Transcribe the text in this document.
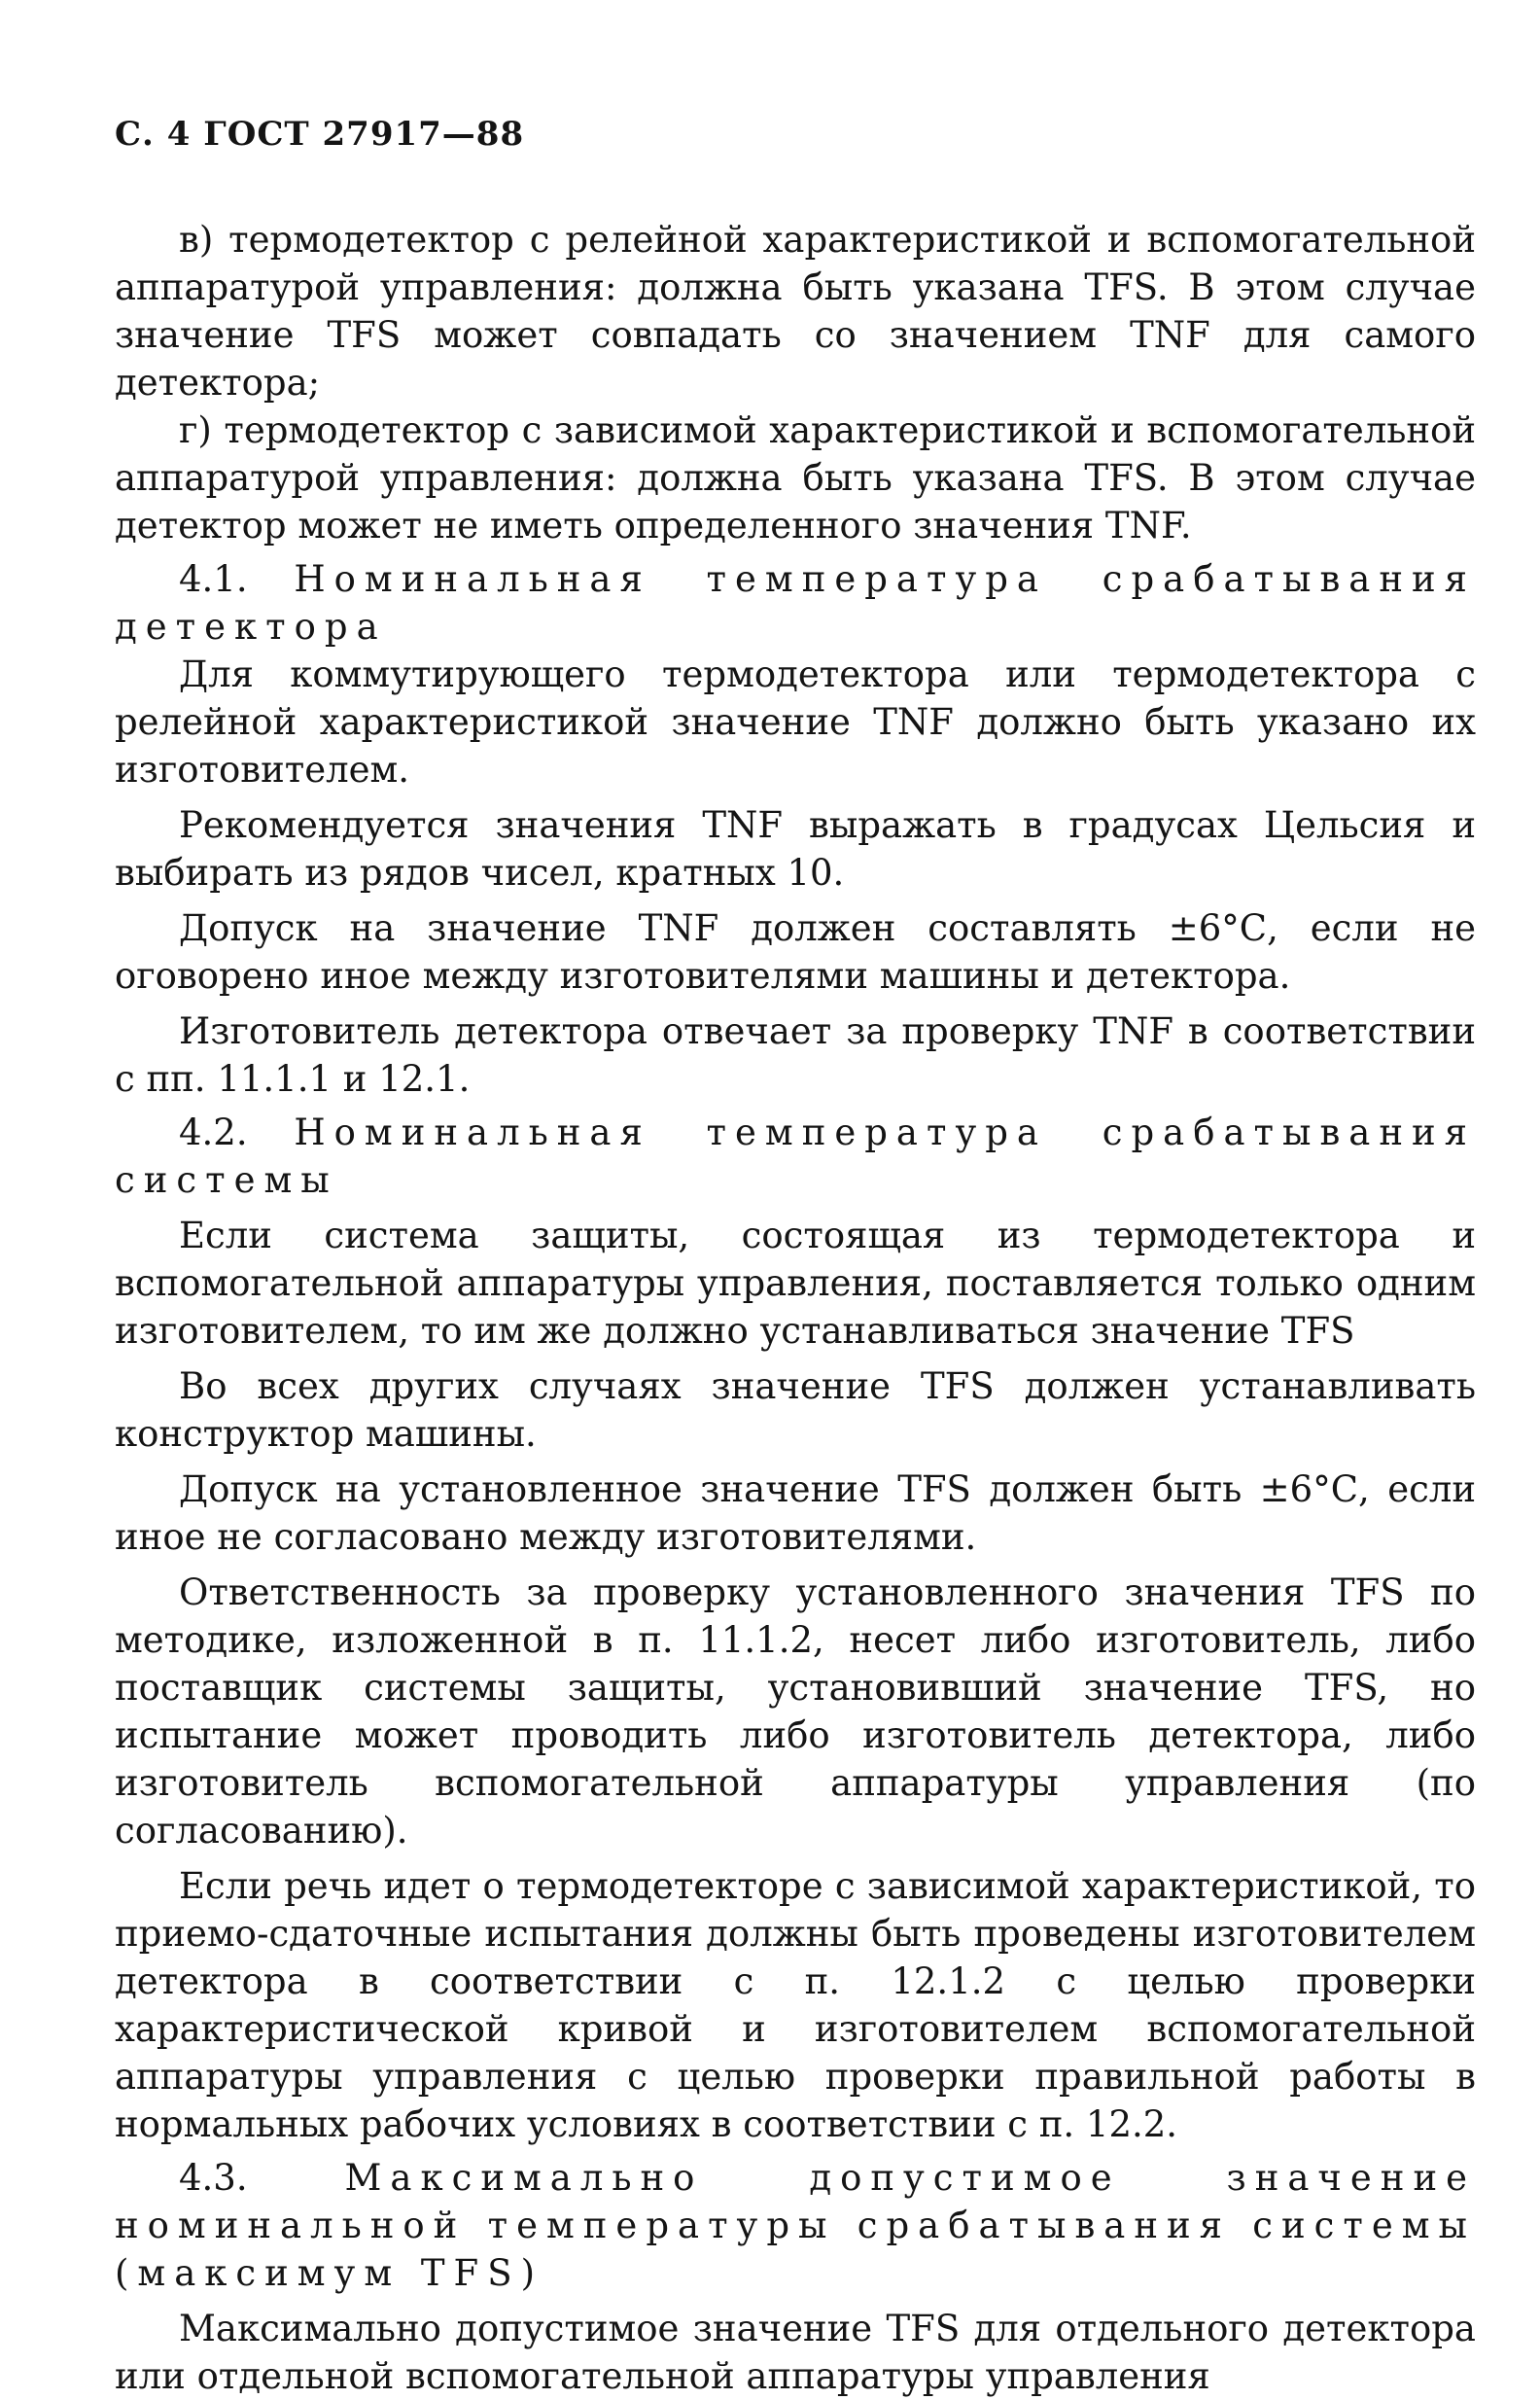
С. 4 ГОСТ 27917—88

в) термодетектор с релейной характеристикой и вспомогательной аппаратурой управления: должна быть указана TFS. В этом случае значение TFS может совпадать со значением TNF для самого детектора;

г) термодетектор с зависимой характеристикой и вспомогательной аппаратурой управления: должна быть указана TFS. В этом случае детектор может не иметь определенного значения TNF.

4.1. Номинальная температура срабатывания детектора

Для коммутирующего термодетектора или термодетектора с релейной характеристикой значение TNF должно быть указано их изготовителем.

Рекомендуется значения TNF выражать в градусах Цельсия и выбирать из рядов чисел, кратных 10.

Допуск на значение TNF должен составлять ±6°С, если не оговорено иное между изготовителями машины и детектора.

Изготовитель детектора отвечает за проверку TNF в соответствии с пп. 11.1.1 и 12.1.

4.2. Номинальная температура срабатывания системы

Если система защиты, состоящая из термодетектора и вспомогательной аппаратуры управления, поставляется только одним изготовителем, то им же должно устанавливаться значение TFS

Во всех других случаях значение TFS должен устанавливать конструктор машины.

Допуск на установленное значение TFS должен быть ±6°С, если иное не согласовано между изготовителями.

Ответственность за проверку установленного значения TFS по методике, изложенной в п. 11.1.2, несет либо изготовитель, либо поставщик системы защиты, установивший значение TFS, но испытание может проводить либо изготовитель детектора, либо изготовитель вспомогательной аппаратуры управления (по согласованию).

Если речь идет о термодетекторе с зависимой характеристикой, то приемо-сдаточные испытания должны быть проведены изготовителем детектора в соответствии с п. 12.1.2 с целью проверки характеристической кривой и изготовителем вспомогательной аппаратуры управления с целью проверки правильной работы в нормальных рабочих условиях в соответствии с п. 12.2.

4.3.	Максимально допустимое значение номинальной температуры срабатывания системы (максимум TFS)

Максимально допустимое значение TFS для отдельного детектора или отдельной вспомогательной аппаратуры управления
